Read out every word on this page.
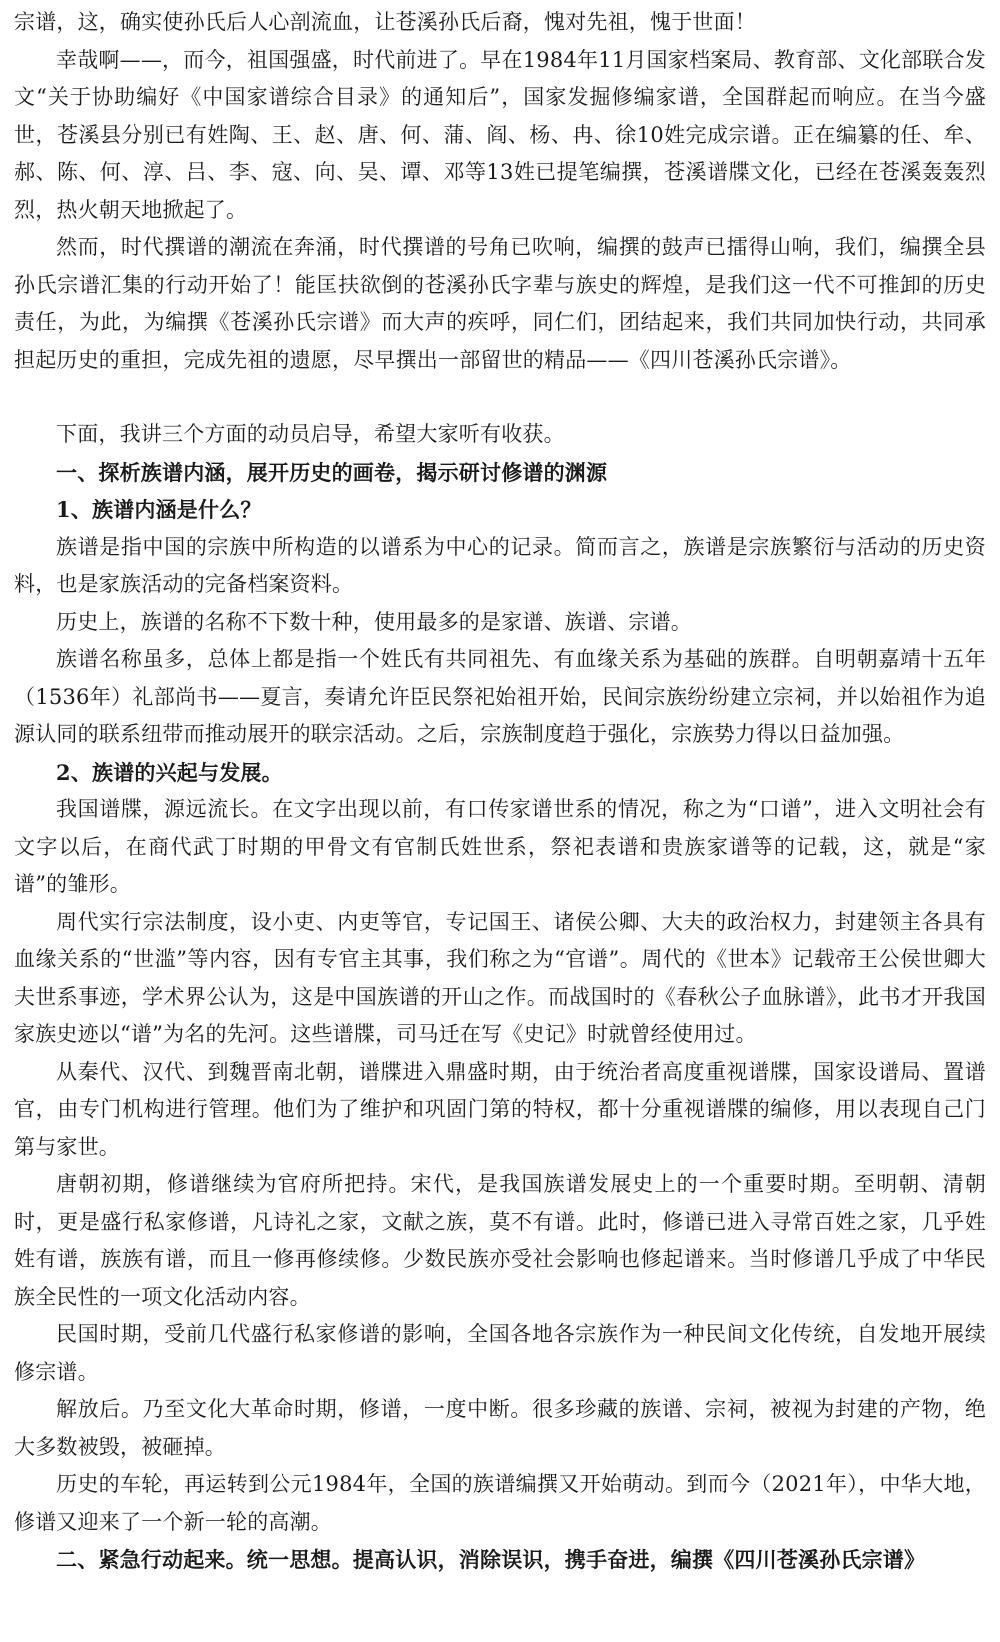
宗谱，这，确实使孙氏后人心剖流血，让苍溪孙氏后裔，愧对先祖，愧于世面！

幸哉啊——，而今，祖国强盛，时代前进了。早在1984年11月国家档案局、教育部、文化部联合发文“关于协助编好《中国家谱综合目录》的通知后”，国家发掘修编家谱，全国群起而响应。在当今盛世，苍溪县分别已有姓陶、王、赵、唐、何、蒲、阎、杨、冉、徐10姓完成宗谱。正在编纂的任、牟、郝、陈、何、淳、吕、李、寇、向、吴、谭、邓等13姓已提笔编撰，苍溪谱牒文化，已经在苍溪轰轰烈烈，热火朝天地掀起了。

然而，时代撰谱的潮流在奔涌，时代撰谱的号角已吹响，编撰的鼓声已擂得山响，我们，编撰全县孙氏宗谱汇集的行动开始了！能匡扶欲倒的苍溪孙氏字辈与族史的辉煌，是我们这一代不可推卸的历史责任，为此，为编撰《苍溪孙氏宗谱》而大声的疾呼，同仁们，团结起来，我们共同加快行动，共同承担起历史的重担，完成先祖的遗愿，尽早撰出一部留世的精品——《四川苍溪孙氏宗谱》。

下面，我讲三个方面的动员启导，希望大家听有收获。

一、探析族谱内涵，展开历史的画卷，揭示研讨修谱的渊源

1、族谱内涵是什么？

族谱是指中国的宗族中所构造的以谱系为中心的记录。简而言之，族谱是宗族繁衍与活动的历史资料，也是家族活动的完备档案资料。

历史上，族谱的名称不下数十种，使用最多的是家谱、族谱、宗谱。

族谱名称虽多，总体上都是指一个姓氏有共同祖先、有血缘关系为基础的族群。自明朝嘉靖十五年（1536年）礼部尚书——夏言，奏请允许臣民祭祀始祖开始，民间宗族纷纷建立宗祠，并以始祖作为追源认同的联系纽带而推动展开的联宗活动。之后，宗族制度趋于强化，宗族势力得以日益加强。

2、族谱的兴起与发展。

我国谱牒，源远流长。在文字出现以前，有口传家谱世系的情况，称之为“口谱”，进入文明社会有文字以后，在商代武丁时期的甲骨文有官制氏姓世系，祭祀表谱和贵族家谱等的记载，这，就是“家谱”的雏形。

周代实行宗法制度，设小吏、内吏等官，专记国王、诸侯公卿、大夫的政治权力，封建领主各具有血缘关系的“世滥”等内容，因有专官主其事，我们称之为“官谱”。周代的《世本》记载帝王公侯世卿大夫世系事迹，学术界公认为，这是中国族谱的开山之作。而战国时的《春秋公子血脉谱》，此书才开我国家族史迹以“谱”为名的先河。这些谱牒，司马迁在写《史记》时就曾经使用过。

从秦代、汉代、到魏晋南北朝，谱牒进入鼎盛时期，由于统治者高度重视谱牒，国家设谱局、置谱官，由专门机构进行管理。他们为了维护和巩固门第的特权，都十分重视谱牒的编修，用以表现自己门第与家世。

唐朝初期，修谱继续为官府所把持。宋代，是我国族谱发展史上的一个重要时期。至明朝、清朝时，更是盛行私家修谱，凡诗礼之家，文献之族，莫不有谱。此时，修谱已进入寻常百姓之家，几乎姓姓有谱，族族有谱，而且一修再修续修。少数民族亦受社会影响也修起谱来。当时修谱几乎成了中华民族全民性的一项文化活动内容。

民国时期，受前几代盛行私家修谱的影响，全国各地各宗族作为一种民间文化传统，自发地开展续修宗谱。

解放后。乃至文化大革命时期，修谱，一度中断。很多珍藏的族谱、宗祠，被视为封建的产物，绝大多数被毁，被砸掉。

历史的车轮，再运转到公元1984年，全国的族谱编撰又开始萌动。到而今（2021年），中华大地，修谱又迎来了一个新一轮的高潮。

二、紧急行动起来。统一思想。提高认识，消除误识，携手奋进，编撰《四川苍溪孙氏宗谱》
